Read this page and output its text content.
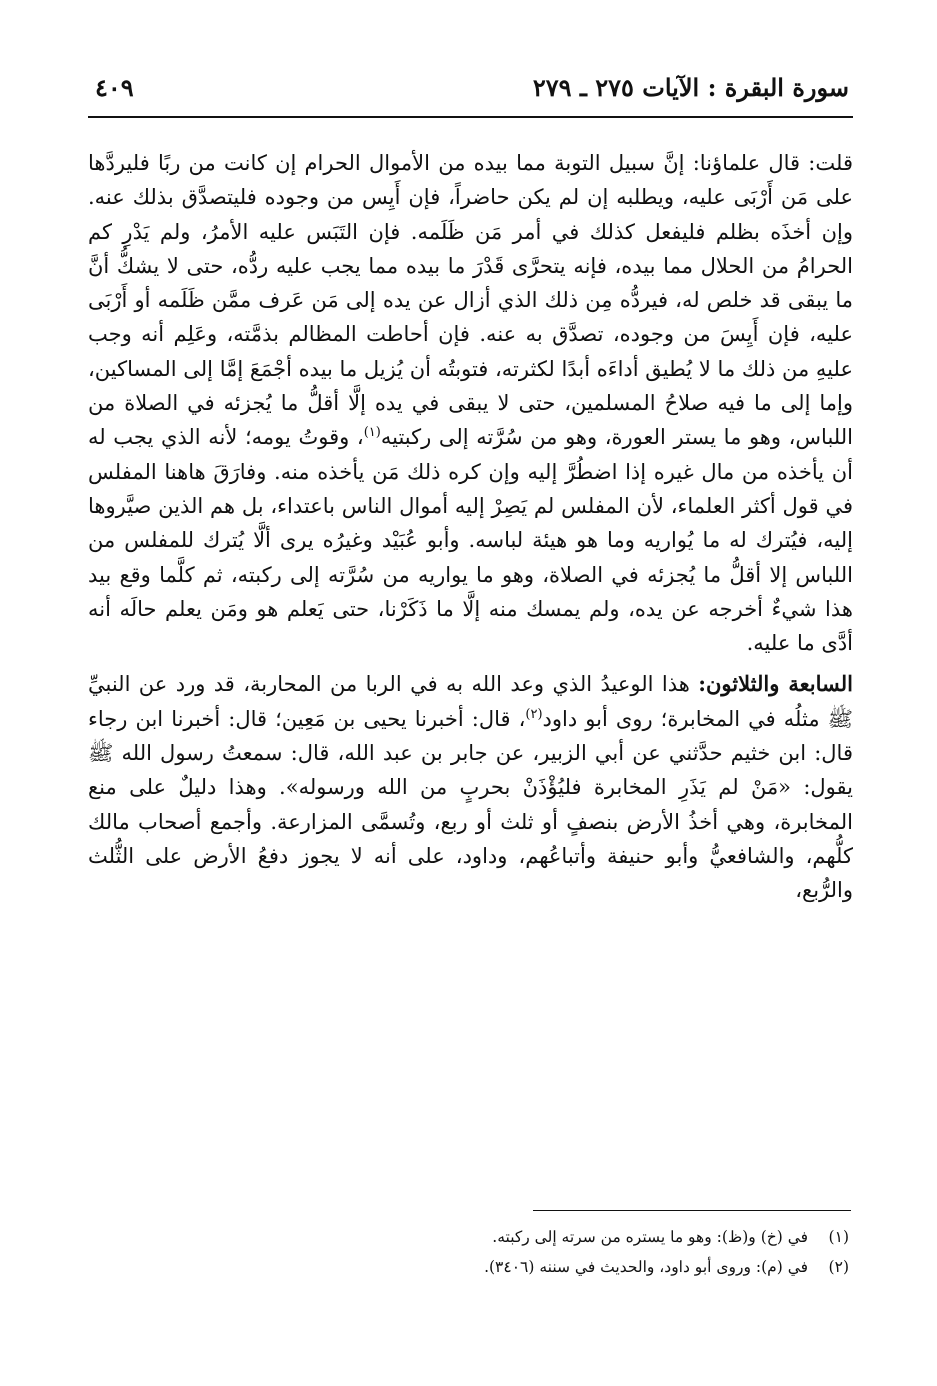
سورة البقرة : الآيات ٢٧٥ ـ ٢٧٩
٤٠٩

قلت: قال علماؤنا: إنَّ سبيل التوبة مما بيده من الأموال الحرام إن كانت من ربًا فليردَّها على مَن أَرْبَى عليه، ويطلبه إن لم يكن حاضراً، فإن أَيِس من وجوده فليتصدَّق بذلك عنه. وإن أخذَه بظلم فليفعل كذلك في أمر مَن ظَلَمه. فإن التَبَس عليه الأمرُ، ولم يَدْرِ كم الحرامُ من الحلال مما بيده، فإنه يتحرَّى قَدْرَ ما بيده مما يجب عليه ردُّه، حتى لا يشكُّ أنَّ ما يبقى قد خلص له، فيردُّه مِن ذلك الذي أزال عن يده إلى مَن عَرف ممَّن ظَلَمه أو أَرْبَى عليه، فإن أَيِسَ من وجوده، تصدَّق به عنه. فإن أحاطت المظالم بذمَّته، وعَلِم أنه وجب عليهِ من ذلك ما لا يُطيق أداءَه أبدًا لكثرته، فتوبتُه أن يُزيل ما بيده أجْمَعَ إمَّا إلى المساكين، وإما إلى ما فيه صلاحُ المسلمين، حتى لا يبقى في يده إلَّا أقلُّ ما يُجزئه في الصلاة من اللباس، وهو ما يستر العورة، وهو من سُرَّته إلى ركبتيه$^{(١)}$، وقوتُ يومه؛ لأنه الذي يجب له أن يأخذه من مال غيره إذا اضطُرَّ إليه وإن كره ذلك مَن يأخذه منه. وفارَقَ هاهنا المفلس في قول أكثر العلماء، لأن المفلس لم يَصِرْ إليه أموال الناس باعتداء، بل هم الذين صيَّروها إليه، فيُترك له ما يُواريه وما هو هيئة لباسه. وأبو عُبَيْد وغيرُه يرى ألَّا يُترك للمفلس من اللباس إلا أقلُّ ما يُجزئه في الصلاة، وهو ما يواريه من سُرَّته إلى ركبته، ثم كلَّما وقع بيد هذا شيءٌ أخرجه عن يده، ولم يمسك منه إلَّا ما ذَكَرْنا، حتى يَعلم هو ومَن يعلم حالَه أنه أدَّى ما عليه.

السابعة والثلاثون: هذا الوعيدُ الذي وعد الله به في الربا من المحاربة، قد ورد عن النبيِّ ﷺ مثلُه في المخابرة؛ روى أبو داود$^{(٢)}$، قال: أخبرنا يحيى بن مَعِين؛ قال: أخبرنا ابن رجاء قال: ابن خثيم حدَّثني عن أبي الزبير، عن جابر بن عبد الله، قال: سمعتُ رسول الله ﷺ يقول: «مَنْ لم يَذَرِ المخابرة فليُؤْذَنْ بحربٍ من الله ورسوله». وهذا دليلٌ على منع المخابرة، وهي أخذُ الأرض بنصفٍ أو ثلث أو ربع، وتُسمَّى المزارعة. وأجمع أصحاب مالك كلُّهم، والشافعيُّ وأبو حنيفة وأتباعُهم، وداود، على أنه لا يجوز دفعُ الأرض على الثُّلث والرُّبع،

(١) في (خ) و(ظ): وهو ما يستره من سرته إلى ركبته.

(٢) في (م): وروى أبو داود، والحديث في سننه (٣٤٠٦).
